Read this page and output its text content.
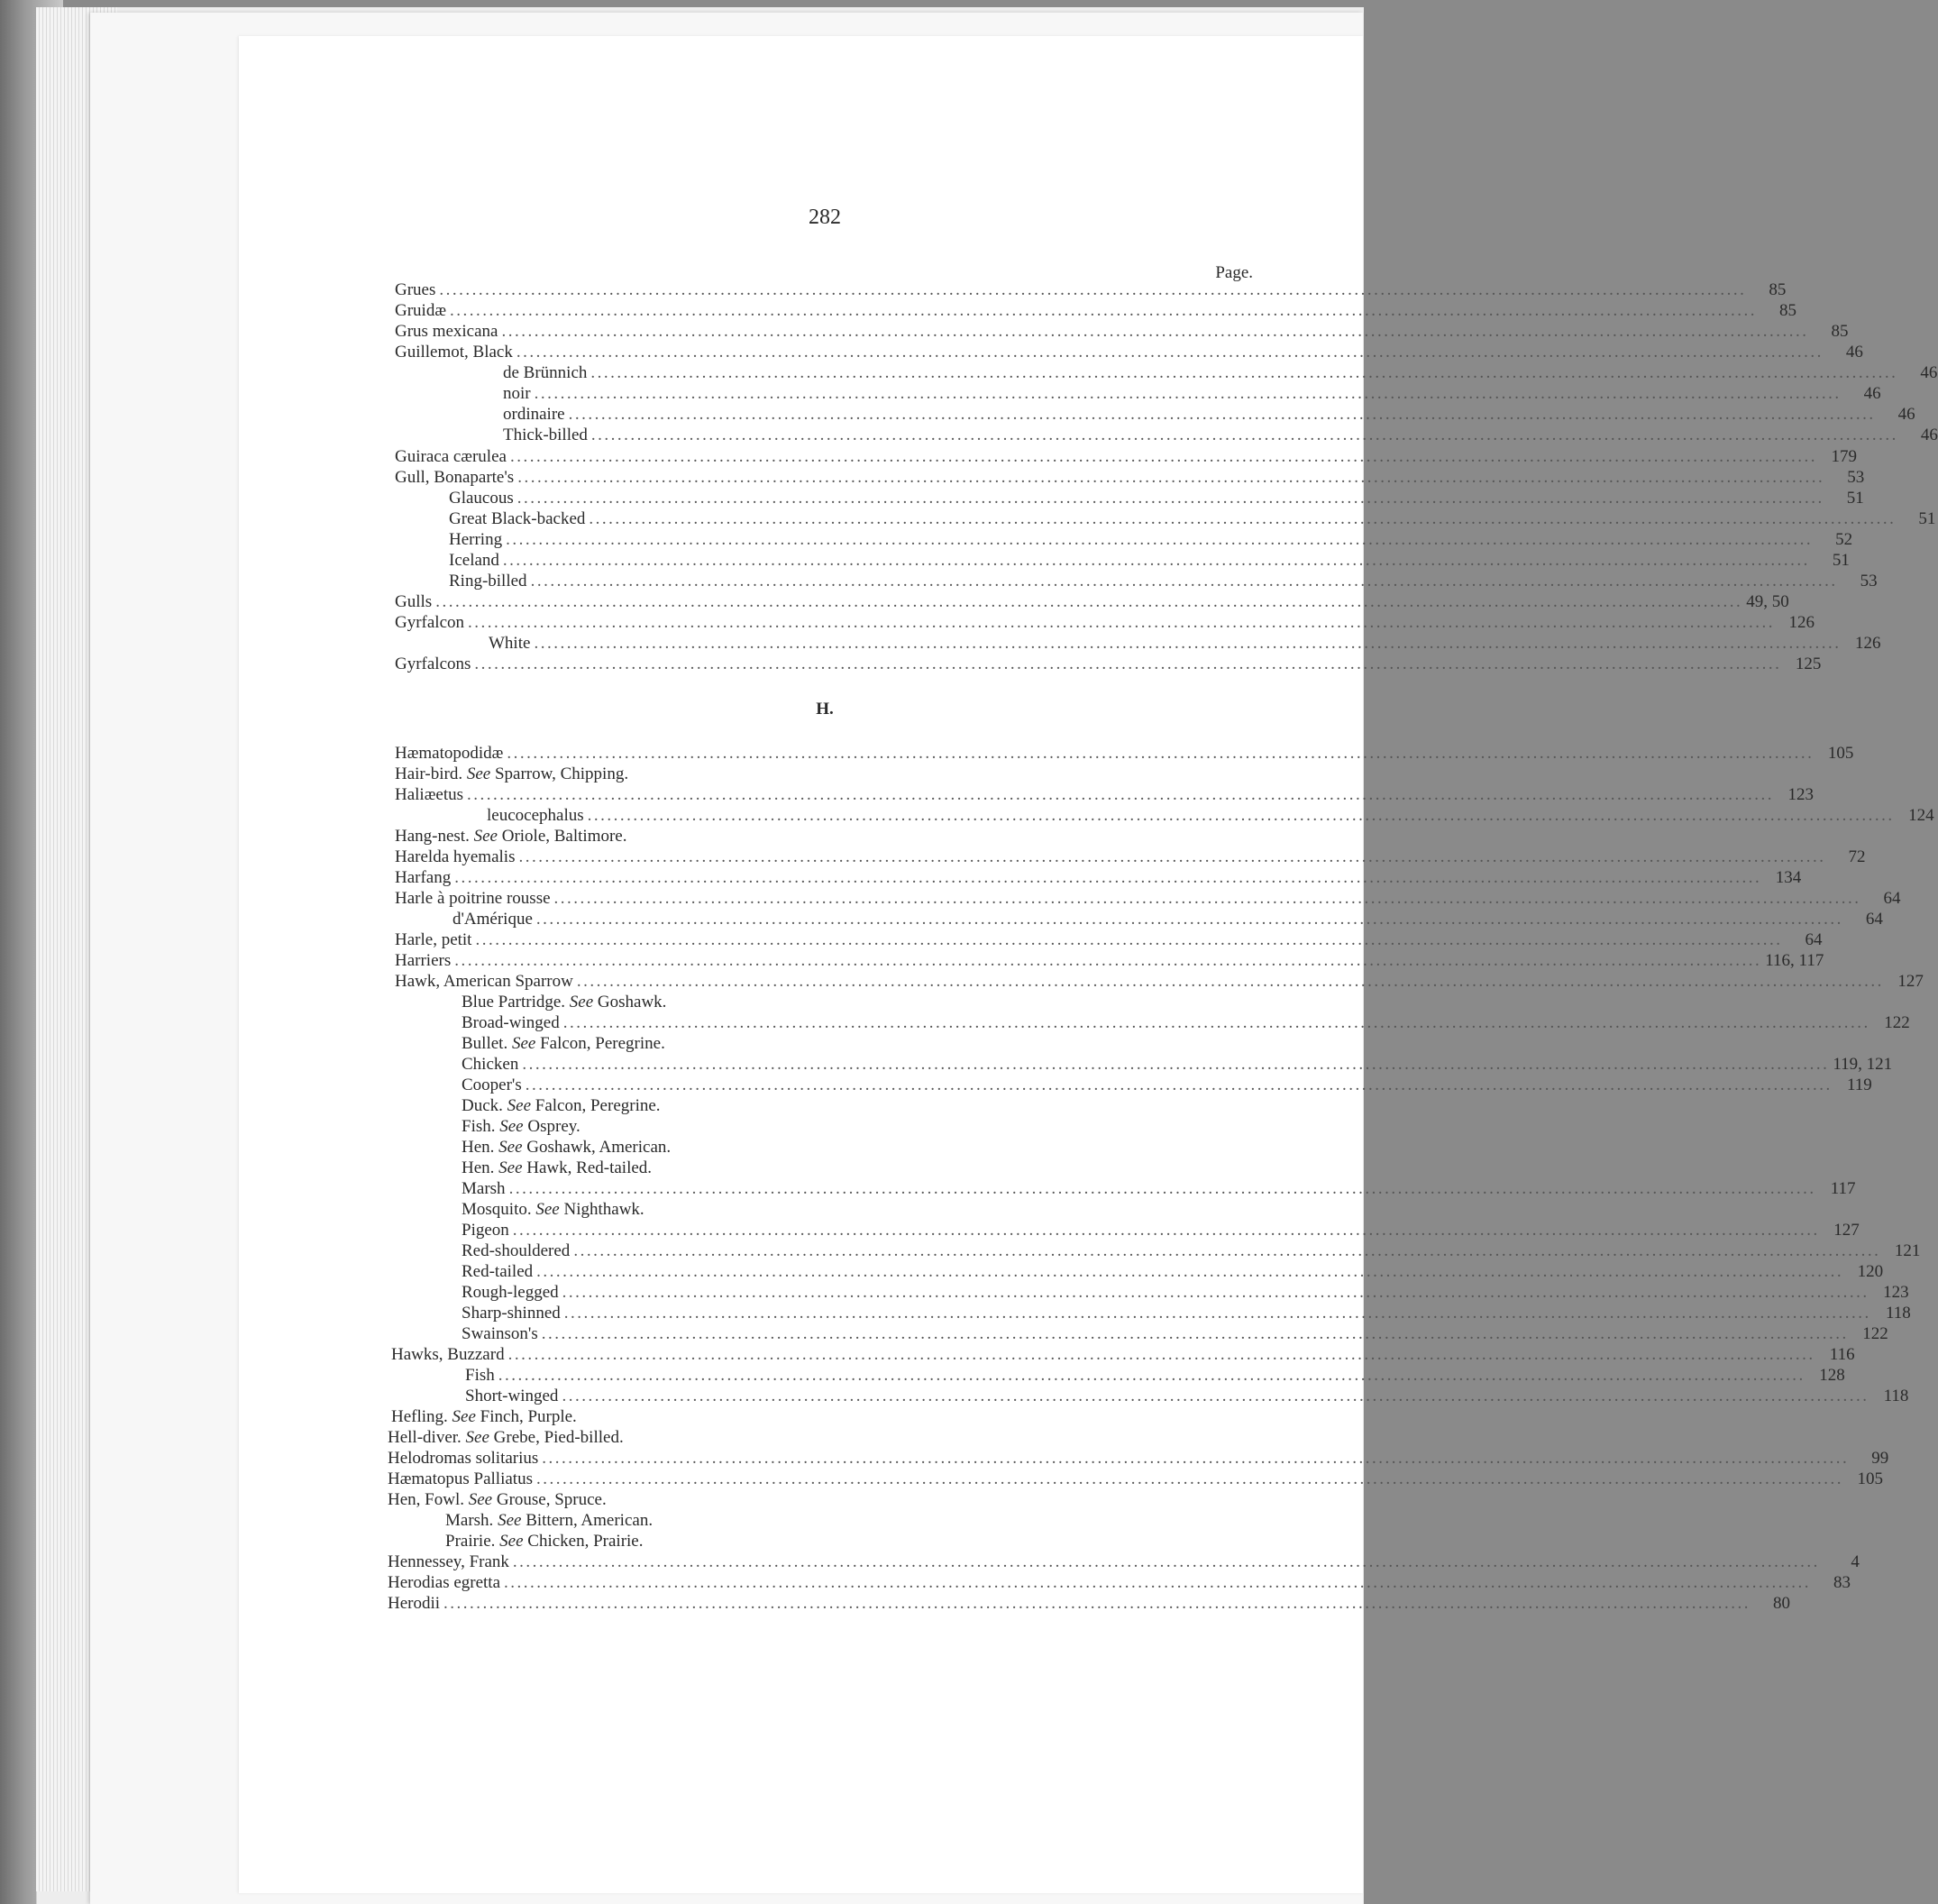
282
Page.
H.
Grues ........................................................................................................................................................................................................	85
Gruidæ ........................................................................................................................................................................................................	85
Grus mexicana ........................................................................................................................................................................................................	85
Guillemot, Black ........................................................................................................................................................................................................	46
de Brünnich ........................................................................................................................................................................................................	46
noir ........................................................................................................................................................................................................	46
ordinaire ........................................................................................................................................................................................................	46
Thick-billed ........................................................................................................................................................................................................	46
Guiraca cærulea ........................................................................................................................................................................................................ 179
Gull, Bonaparte's ........................................................................................................................................................................................................	53
Glaucous ........................................................................................................................................................................................................	51
Great Black-backed ........................................................................................................................................................................................................	51
Herring ........................................................................................................................................................................................................	52
Iceland ........................................................................................................................................................................................................	51
Ring-billed ........................................................................................................................................................................................................	53
Gulls ........................................................................................................................................................................................................ 49, 50
Gyrfalcon ........................................................................................................................................................................................................ 126
White ........................................................................................................................................................................................................ 126
Gyrfalcons ........................................................................................................................................................................................................ 125
Hæmatopodidæ ........................................................................................................................................................................................................ 105
Hair-bird. See Sparrow, Chipping.
Haliæetus ........................................................................................................................................................................................................ 123
leucocephalus ........................................................................................................................................................................................................ 124
Hang-nest. See Oriole, Baltimore.
Harelda hyemalis ........................................................................................................................................................................................................	72
Harfang ........................................................................................................................................................................................................ 134
Harle à poitrine rousse ........................................................................................................................................................................................................	64
d'Amérique ........................................................................................................................................................................................................	64
Harle, petit ........................................................................................................................................................................................................	64
Harriers ........................................................................................................................................................................................................ 116, 117
Hawk, American Sparrow ........................................................................................................................................................................................................ 127
Blue Partridge. See Goshawk.
Broad-winged ........................................................................................................................................................................................................ 122
Bullet. See Falcon, Peregrine.
Chicken ........................................................................................................................................................................................................ 119, 121
Cooper's ........................................................................................................................................................................................................ 119
Duck. See Falcon, Peregrine.
Fish. See Osprey.
Hen. See Goshawk, American.
Hen. See Hawk, Red-tailed.
Marsh ........................................................................................................................................................................................................ 117
Mosquito. See Nighthawk.
Pigeon ........................................................................................................................................................................................................ 127
Red-shouldered ........................................................................................................................................................................................................ 121
Red-tailed ........................................................................................................................................................................................................ 120
Rough-legged ........................................................................................................................................................................................................ 123
Sharp-shinned ........................................................................................................................................................................................................ 118
Swainson's ........................................................................................................................................................................................................ 122
Hawks, Buzzard ........................................................................................................................................................................................................ 116
Fish ........................................................................................................................................................................................................ 128
Short-winged ........................................................................................................................................................................................................ 118
Hefling. See Finch, Purple.
Hell-diver. See Grebe, Pied-billed.
Helodromas solitarius ........................................................................................................................................................................................................	99
Hæmatopus Palliatus ........................................................................................................................................................................................................ 105
Hen, Fowl. See Grouse, Spruce.
Marsh. See Bittern, American.
Prairie. See Chicken, Prairie.
Hennessey, Frank ........................................................................................................................................................................................................	4
Herodias egretta ........................................................................................................................................................................................................	83
Herodii ........................................................................................................................................................................................................	80
